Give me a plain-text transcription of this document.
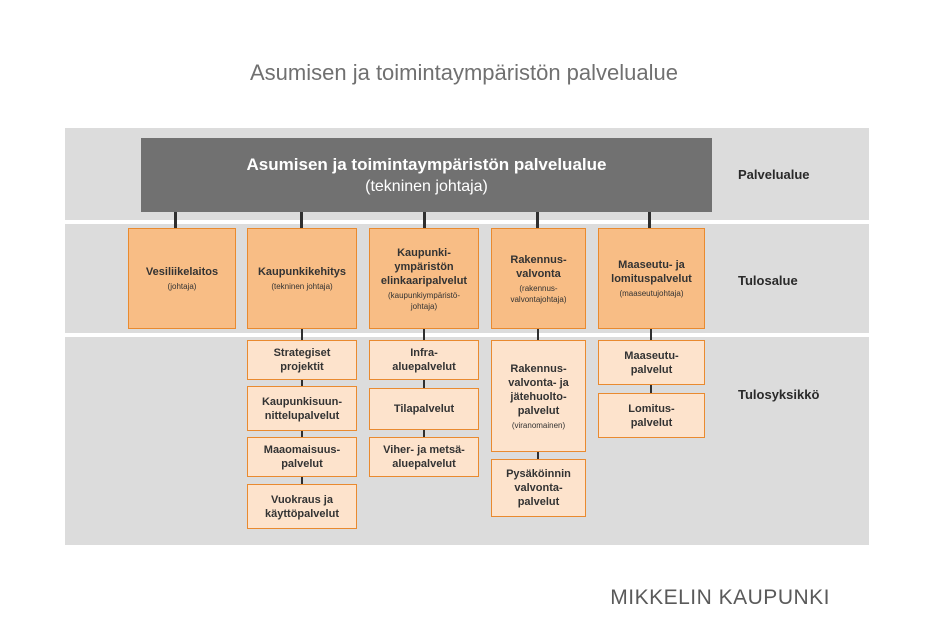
Asumisen ja toimintaympäristön palvelualue
Palvelualue
Tulosalue
Tulosyksikkö
Asumisen ja toimintaympäristön palvelualue
(tekninen johtaja)
Vesiliikelaitos
(johtaja)
Kaupunkikehitys
(tekninen johtaja)
Kaupunki-
ympäristön
elinkaaripalvelut
(kaupunkiympäristö-
johtaja)
Rakennus-
valvonta
(rakennus-
valvontajohtaja)
Maaseutu- ja
lomituspalvelut
(maaseutujohtaja)
Strategiset
projektit
Kaupunkisuun-
nittelupalvelut
Maaomaisuus-
palvelut
Vuokraus ja
käyttöpalvelut
Infra-
aluepalvelut
Tilapalvelut
Viher- ja metsä-
aluepalvelut
Rakennus-
valvonta- ja
jätehuolto-
palvelut
(viranomainen)
Pysäköinnin
valvonta-
palvelut
Maaseutu-
palvelut
Lomitus-
palvelut
MIKKELIN KAUPUNKI
